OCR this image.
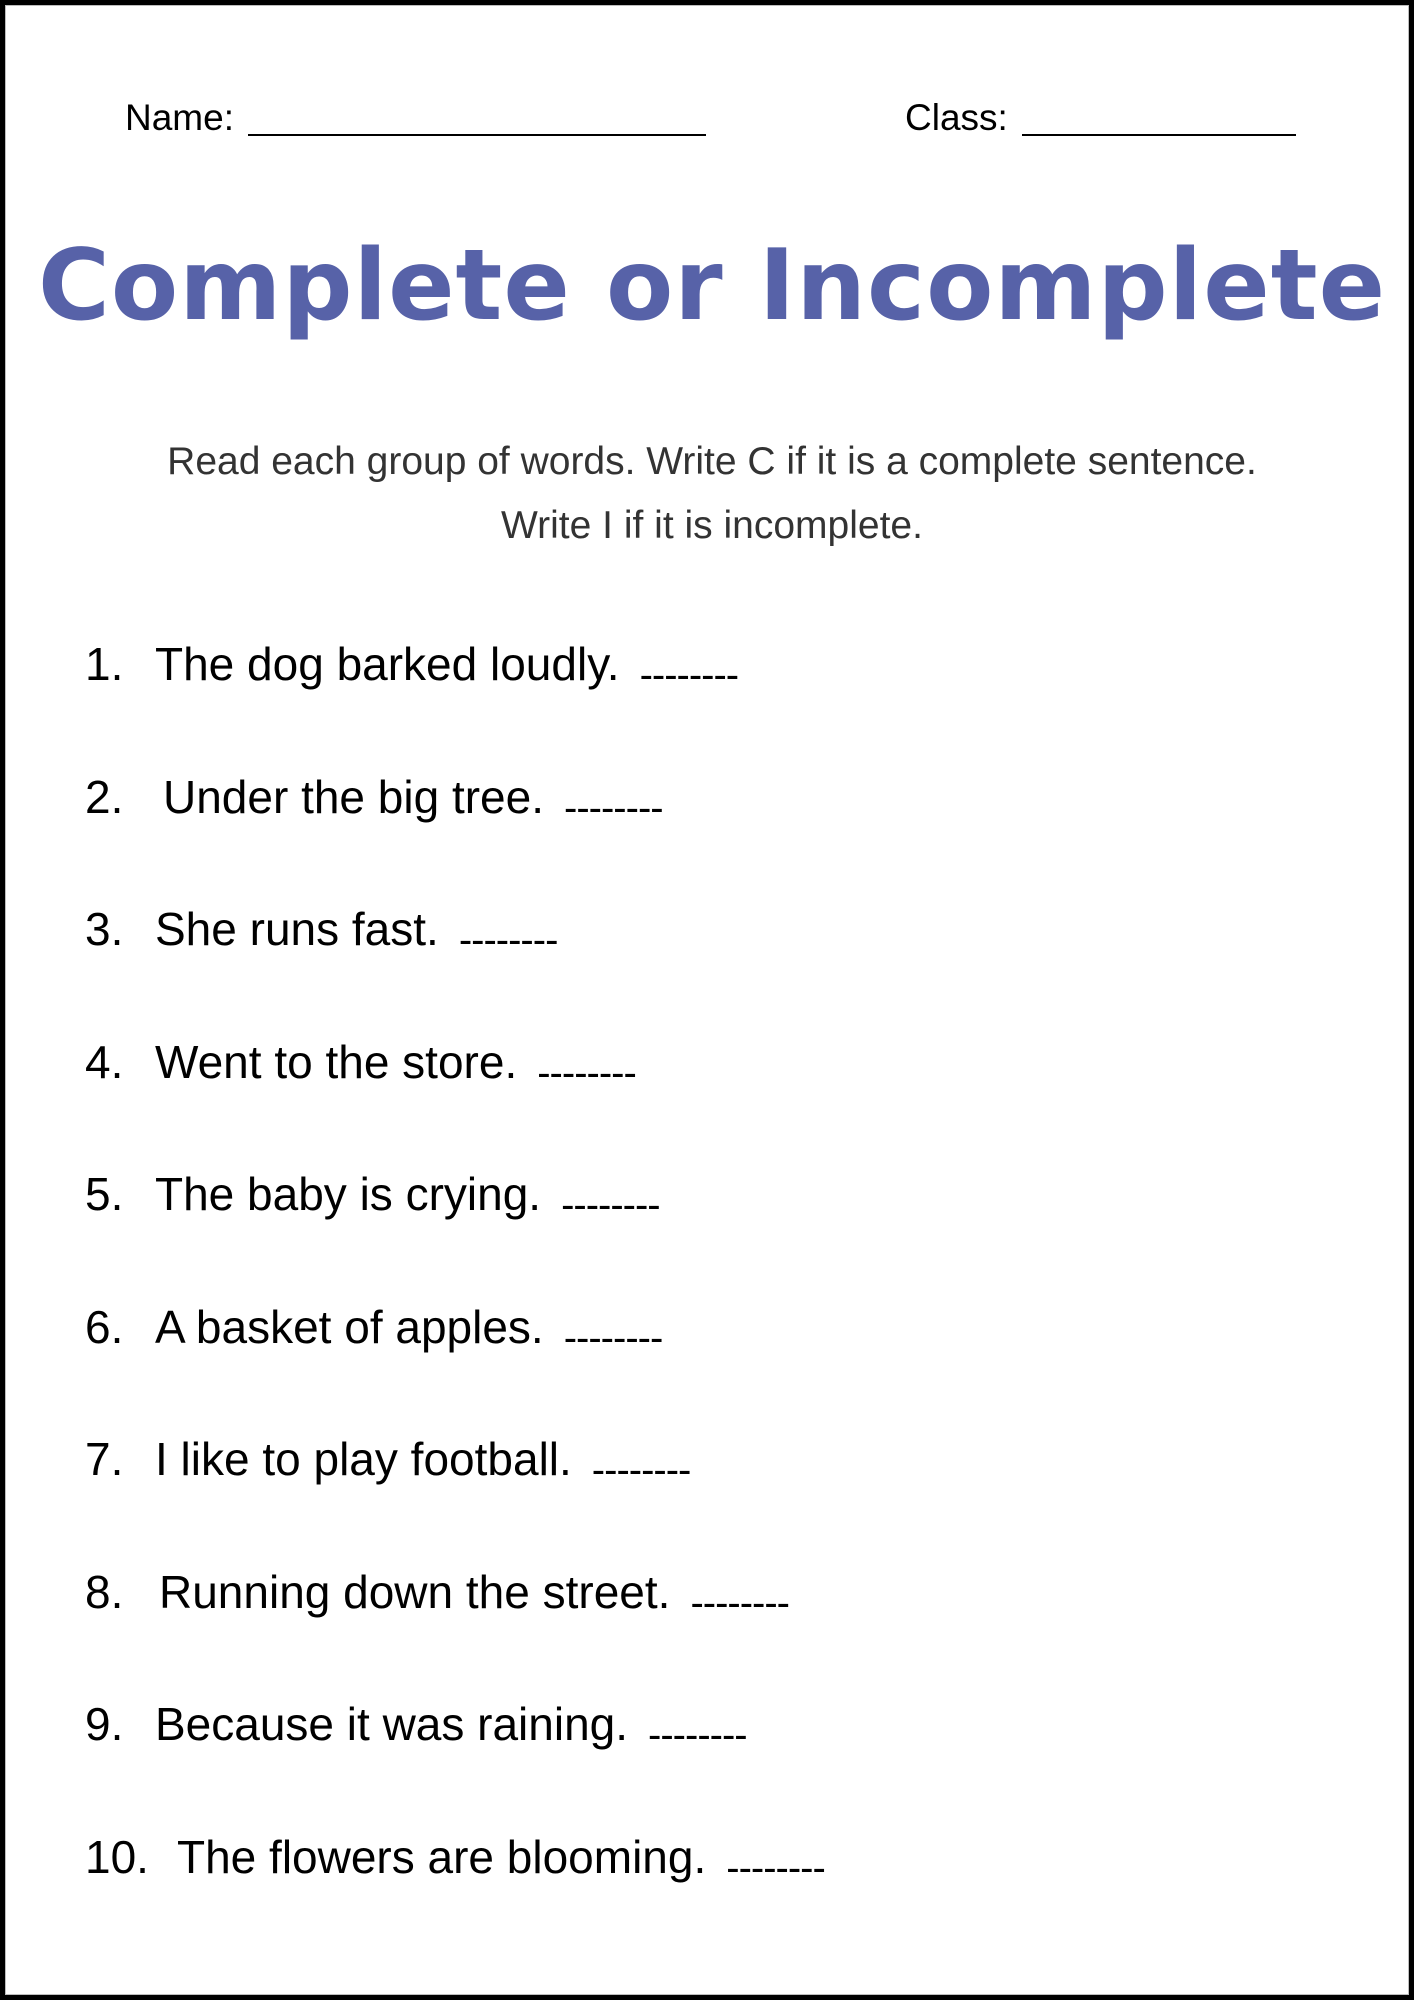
Name:	Class:
Complete or Incomplete
Read each group of words. Write C if it is a complete sentence.
Write I if it is incomplete.
1. The dog barked loudly. --------
2. Under the big tree. --------
3. She runs fast. --------
4. Went to the store. --------
5. The baby is crying. --------
6. A basket of apples. --------
7. I like to play football. --------
8. Running down the street. --------
9. Because it was raining. --------
10. The flowers are blooming. --------
